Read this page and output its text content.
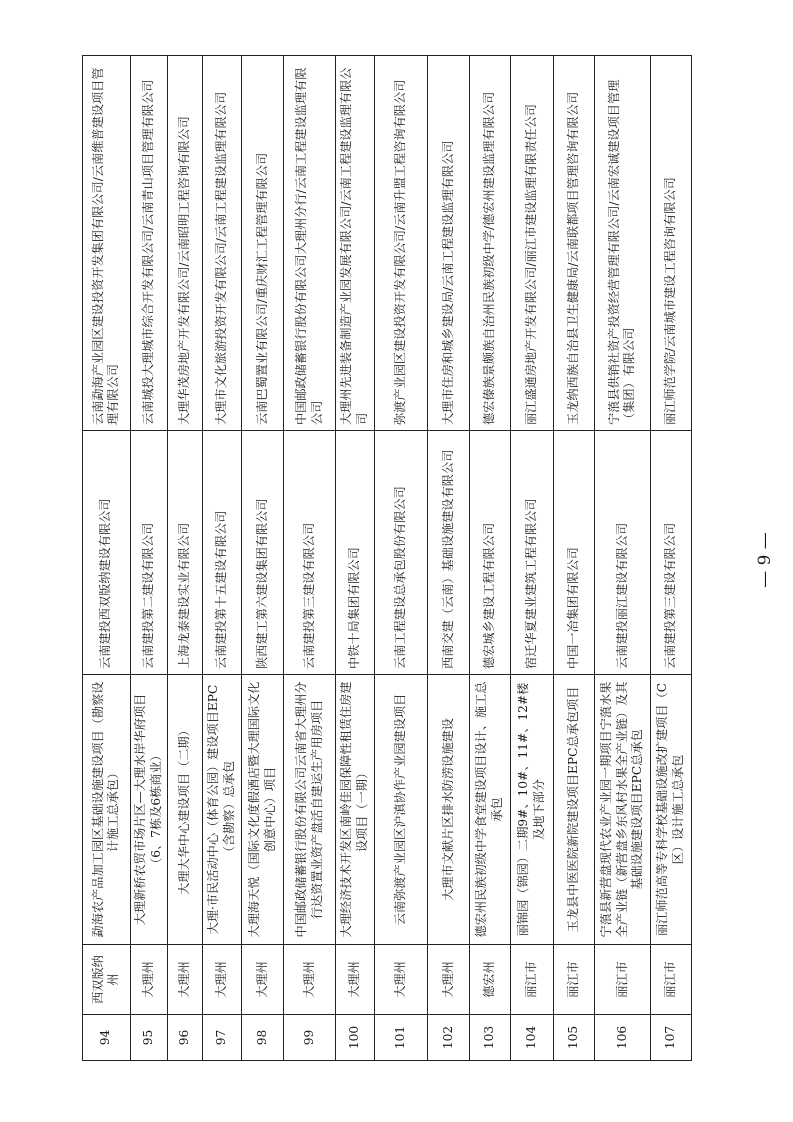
94	西双版纳州	勐海农产品加工园区基础设施建设项目（勘察设计施工总承包）	云南建投西双版纳建设有限公司	云南勐海产业园区建设投资开发集团有限公司/云南维普建设项目管理有限公司
95	大理州	大理新桥农贸市场片区—大理水岸华府项目（6、7栋及6栋商业）	云南建投第二建设有限公司	云南城投大理城市综合开发有限公司/云南青山项目管理有限公司
96	大理州	大理大华中心建设项目（二期）	上海龙泰建设实业有限公司	大理华茂房地产开发有限公司/云南昭明工程咨询有限公司
97	大理州	大理·市民活动中心（体育公园）建设项目EPC（含勘察）总承包	云南建投第十五建设有限公司	大理市文化旅游投资开发有限公司/云南工程建设监理有限公司
98	大理州	大理海天悦（国际文化度假酒店暨大理国际文化创意中心）项目	陕西建工第六建设集团有限公司	云南巴蜀置业有限公司/重庆财汇工程管理有限公司
99	大理州	中国邮政储蓄银行股份有限公司云南省大理州分行达资置业资产盘活自建运生产用房项目	云南建投第三建设有限公司	中国邮政储蓄银行股份有限公司大理州分行/云南工程建设监理有限公司
100	大理州	大理经济技术开发区南岭佳园保障性租赁住房建设项目（一期）	中铁十局集团有限公司	大理州先进装备制造产业园发展有限公司/云南工程建设监理有限公司
101	大理州	云南弥渡产业园区沪滇协作产业园建设项目	云南工程建设总承包股份有限公司	弥渡产业园区建设投资开发有限公司/云南升盟工程咨询有限公司
102	大理州	大理市文献片区排水防涝设施建设	西南交建（云南）基础设施建设有限公司	大理市住房和城乡建设局/云南工程建设监理有限公司
103	德宏州	德宏州民族初级中学食堂建设项目设计、施工总承包	德宏城乡建设工程有限公司	德宏傣族景颇族自治州民族初级中学/德宏州建设监理有限公司
104	丽江市	丽锦园（锦园）二期9#、10#、11#、12#楼及地下部分	宿迁华夏建业建筑工程有限公司	丽江盛通房地产开发有限公司/丽江市建设监理有限责任公司
105	丽江市	玉龙县中医医院新院建设项目EPC总承包项目	中国一冶集团有限公司	玉龙纳西族自治县卫生健康局/云南联都项目管理咨询有限公司
106	丽江市	宁蒗县新营盘现代农业产业园一期项目宁蒗水果全产业链（新营盘乡东风村水果全产业链）及其基础设施建设项目EPC总承包	云南建投丽江建设有限公司	宁蒗县供销社资产投资经营管理有限公司/云南宏诚建设项目管理（集团）有限公司
107	丽江市	丽江师范高等专科学校基础设施改扩建项目（C区）设计施工总承包	云南建投第三建设有限公司	丽江师范学院/云南城市建设工程咨询有限公司
— 9 —
